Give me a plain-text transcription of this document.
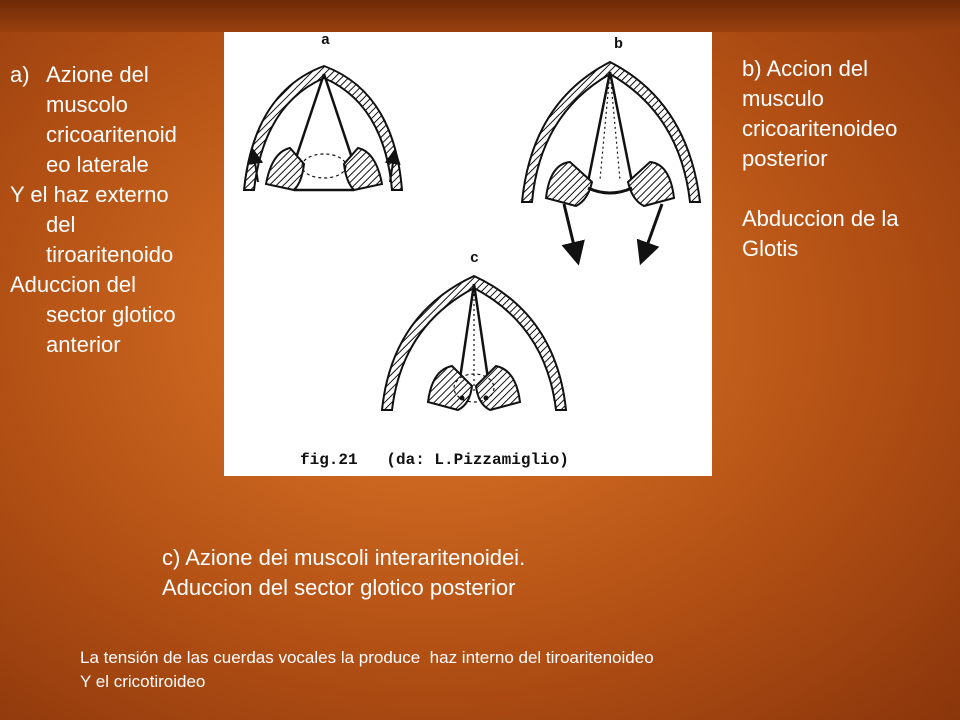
a) Azione del
muscolo
cricoaritenoid
eo laterale
Y el haz externo
del
tiroaritenoido
Aduccion del
sector glotico
anterior
b) Accion del
musculo
cricoaritenoideo
posterior

Abduccion de la
Glotis
a	b
c
fig.21   (da: L.Pizzamiglio)
c) Azione dei muscoli interaritenoidei.
Aduccion del sector glotico posterior
La tensión de las cuerdas vocales la produce  haz interno del tiroaritenoideo
Y el cricotiroideo
